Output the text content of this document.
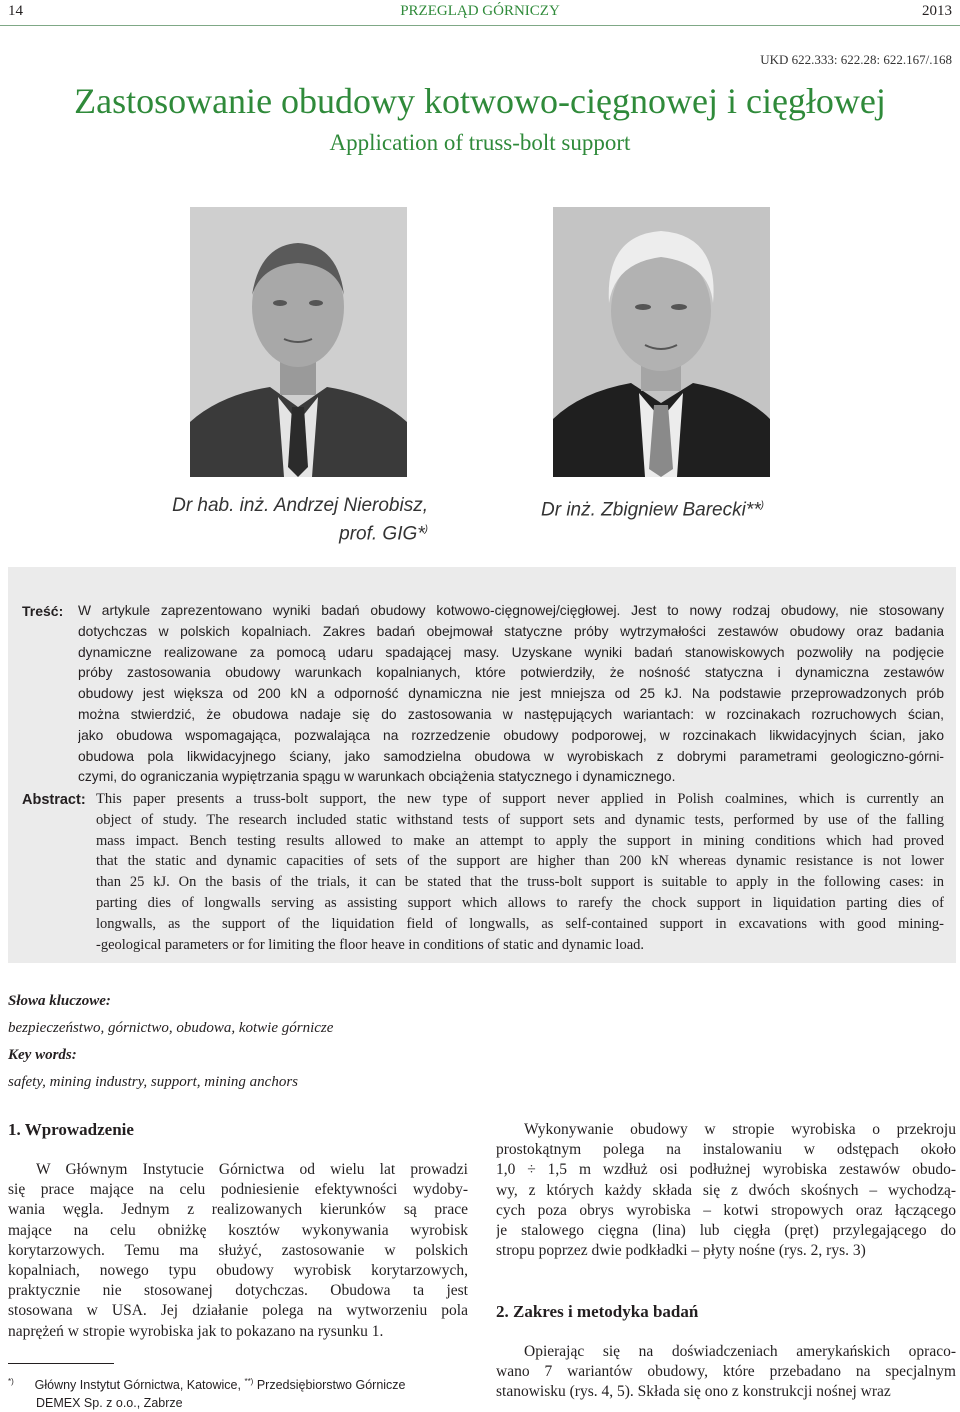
14	PRZEGLĄD GÓRNICZY	2013
UKD 622.333: 622.28: 622.167/.168
Zastosowanie obudowy kotwowo-cięgnowej i cięgłowej
Application of truss-bolt support
Dr hab. inż. Andrzej Nierobisz,
prof. GIG*)
Dr inż. Zbigniew Barecki**)
Treść: W artykule zaprezentowano wyniki badań obudowy kotwowo-cięgnowej/cięgłowej. Jest to nowy rodzaj obudowy, nie stosowany
dotychczas w polskich kopalniach. Zakres badań obejmował statyczne próby wytrzymałości zestawów obudowy oraz badania
dynamiczne realizowane za pomocą udaru spadającej masy. Uzyskane wyniki badań stanowiskowych pozwoliły na podjęcie
próby zastosowania obudowy warunkach kopalnianych, które potwierdziły, że nośność statyczna i dynamiczna zestawów
obudowy jest większa od 200 kN a odporność dynamiczna nie jest mniejsza od 25 kJ. Na podstawie przeprowadzonych prób
można stwierdzić, że obudowa nadaje się do zastosowania w następujących wariantach: w rozcinakach rozruchowych ścian,
jako obudowa wspomagająca, pozwalająca na rozrzedzenie obudowy podporowej, w rozcinakach likwidacyjnych ścian, jako
obudowa pola likwidacyjnego ściany, jako samodzielna obudowa w wyrobiskach z dobrymi parametrami geologiczno-górni-
czymi, do ograniczania wypiętrzania spągu w warunkach obciążenia statycznego i dynamicznego.
Abstract: This paper presents a truss-bolt support, the new type of support never applied in Polish coalmines, which is currently an
object of study. The research included static withstand tests of support sets and dynamic tests, performed by use of the falling
mass impact. Bench testing results allowed to make an attempt to apply the support in mining conditions which had proved
that the static and dynamic capacities of sets of the support are higher than 200 kN whereas dynamic resistance is not lower
than 25 kJ. On the basis of the trials, it can be stated that the truss-bolt support is suitable to apply in the following cases: in
parting dies of longwalls serving as assisting support which allows to rarefy the chock support in liquidation parting dies of
longwalls, as the support of the liquidation field of longwalls, as self-contained support in excavations with good mining-
-geological parameters or for limiting the floor heave in conditions of static and dynamic load.
Słowa kluczowe:
bezpieczeństwo, górnictwo, obudowa, kotwie górnicze
Key words:
safety, mining industry, support, mining anchors
1. Wprowadzenie
W Głównym Instytucie Górnictwa od wielu lat prowadzi
się prace mające na celu podniesienie efektywności wydoby-
wania węgla. Jednym z realizowanych kierunków są prace
mające na celu obniżkę kosztów wykonywania wyrobisk
korytarzowych. Temu ma służyć, zastosowanie w polskich
kopalniach, nowego typu obudowy wyrobisk korytarzowych,
praktycznie nie stosowanej dotychczas. Obudowa ta jest
stosowana w USA. Jej działanie polega na wytworzeniu pola
naprężeń w stropie wyrobiska jak to pokazano na rysunku 1.
Wykonywanie obudowy w stropie wyrobiska o przekroju
prostokątnym polega na instalowaniu w odstępach około
1,0 ÷ 1,5 m wzdłuż osi podłużnej wyrobiska zestawów obudo-
wy, z których każdy składa się z dwóch skośnych – wychodzą-
cych poza obrys wyrobiska – kotwi stropowych oraz łączącego
je stalowego cięgna (lina) lub cięgła (pręt) przylegającego do
stropu poprzez dwie podkładki – płyty nośne (rys. 2, rys. 3)
2. Zakres i metodyka badań
Opierając się na doświadczeniach amerykańskich opraco-
wano 7 wariantów obudowy, które przebadano na specjalnym
stanowisku (rys. 4, 5). Składa się ono z konstrukcji nośnej wraz
*) Główny Instytut Górnictwa, Katowice, **) Przedsiębiorstwo Górnicze
DEMEX Sp. z o.o., Zabrze
